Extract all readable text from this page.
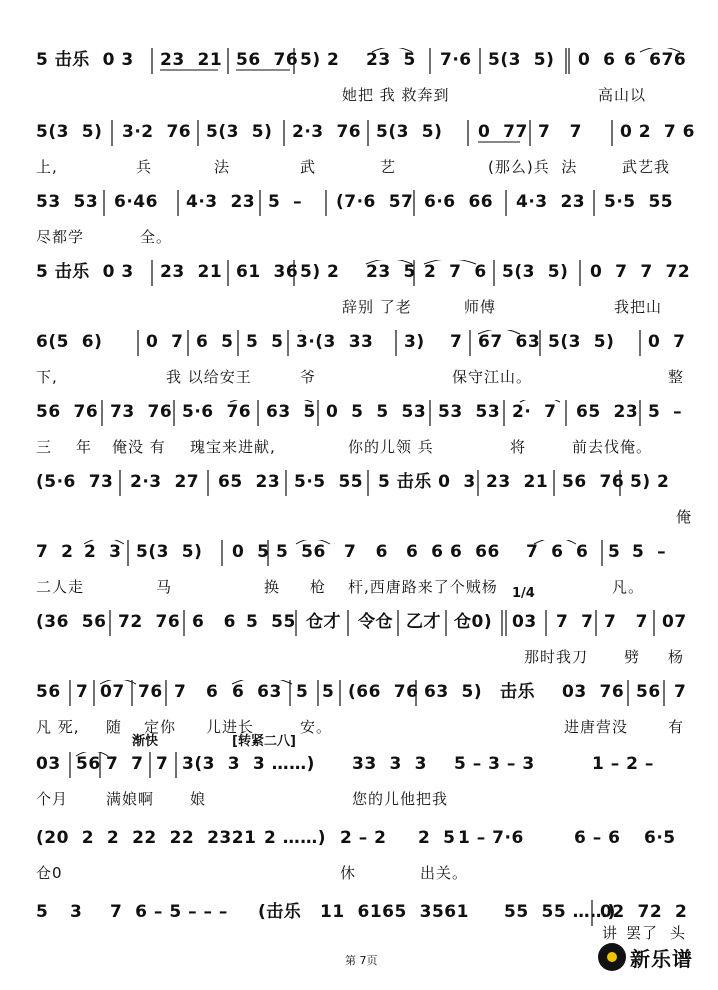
5 击乐  0 3 23  21 56  76 5) 2 23  5 7·6 5(3  5) 0  6 6  676
她把 我 救奔到	高山以
5(3  5) 3·2  76 5(3  5) 2·3  76 5(3  5) 0  77 7   7 0 2  7 6
上,	兵	法	武	艺	(那么)兵  法	武艺我
53  53 6·46 4·3  23 5  – (7·6  57 6·6  66 4·3  23 5·5  55
尽都学	全。
5 击乐  0 3 23  21 61  36 5) 2 23  5 2  7  6 5(3  5) 0  7  7  72
辞别 了老	师傅	我把山
6(5  6)	0  7 6  5 5  5 3·(3  33 3) 7 67  63 5(3  5) 0  7
下,	我 以给安王	爷	保守江山。	整
56  76 73  76 5·6  76 63  5 0  5  5  53 53  53 2·  7 65  23 5  –
三 年 俺没 有 瑰宝来进献,	你的儿领 兵	将	前去伐俺。
(5·6  73 2·3  27 65  23 5·5  55 5 击乐 0  3 23  21 56  76 5) 2
俺
7  2 2  3 5(3  5) 0  5 5  56 7   6 6  6 6  66 7  6 6 5 5  –
二人走	马	换 枪 杆,西唐路来了个贼杨	凡。
(36  56 72  76 6   6 5  55 仓才 令仓 乙才 仓0) 03 7  7 7   7 07
那时我刀 劈 杨
1/4
56 7 07 76 7 6 6  63 5 5 (66  76 63  5) 击乐 03  76 56 7
凡 死, 随 定你 儿进长	安。	进唐营没	有
渐快	[转紧二八]
03 56 7  7 7 3(3  3  3 ……) 33  3  3 5 – 3 – 3	1 – 2 –
个月	满娘啊 娘	您的儿他把我
(20  2  2  22  22  2321 2 ……) 2 – 2 2  5 1 – 7·6	6 – 6 6·5
仓0	休	出关。
5 3 7  6 – 5 – – – (击乐 11  6165  3561 55  55 ……)
02  72  2
讲 罢了 头
第 7页	新乐谱
